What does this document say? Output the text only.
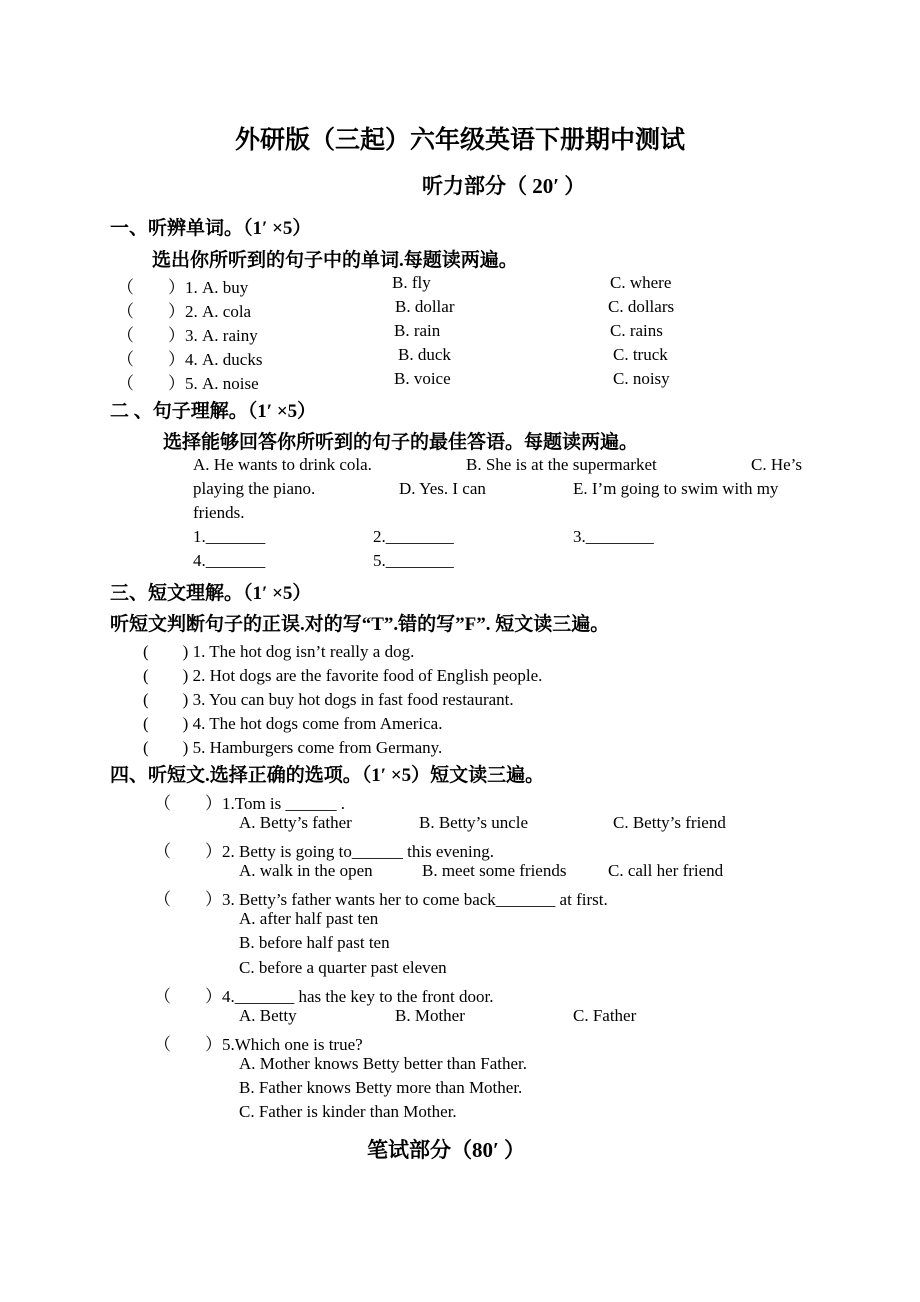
外研版（三起）六年级英语下册期中测试
听力部分（ 20′ ）
一、听辨单词。（1′ ×5）
选出你所听到的句子中的单词.每题读两遍。
（　　）1. A. buy	B. fly	C. where
（　　）2. A. cola	B. dollar	C. dollars
（　　）3. A. rainy	B. rain	C. rains
（　　）4. A. ducks	B. duck	C. truck
（　　）5. A. noise	B. voice	C. noisy
二 、句子理解。（1′ ×5）
选择能够回答你所听到的句子的最佳答语。每题读两遍。
A. He wants to drink cola.	B. She is at the supermarket	C. He’s
playing the piano.	D. Yes. I can	E. I’m going to swim with my
friends.
1._______	2.________	3.________
4._______	5.________
三、短文理解。（1′ ×5）
听短文判断句子的正误.对的写“T”.错的写”F”. 短文读三遍。
(　　) 1. The hot dog isn’t really a dog.
(　　) 2. Hot dogs are the favorite food of English people.
(　　) 3. You can buy hot dogs in fast food restaurant.
(　　) 4. The hot dogs come from America.
(　　) 5. Hamburgers come from Germany.
四、听短文.选择正确的选项。（1′ ×5）短文读三遍。
（　　）1.Tom is ______ .
A. Betty’s father	B. Betty’s uncle	C. Betty’s friend
（　　）2. Betty is going to______ this evening.
A. walk in the open	B. meet some friends C. call her friend
（　　）3. Betty’s father wants her to come back_______ at first.
A. after half past ten
B. before half past ten
C. before a quarter past eleven
（　　）4._______ has the key to the front door.
A. Betty	B. Mother	C. Father
（　　）5.Which one is true?
A. Mother knows Betty better than Father.
B. Father knows Betty more than Mother.
C. Father is kinder than Mother.
笔试部分（80′ ）
